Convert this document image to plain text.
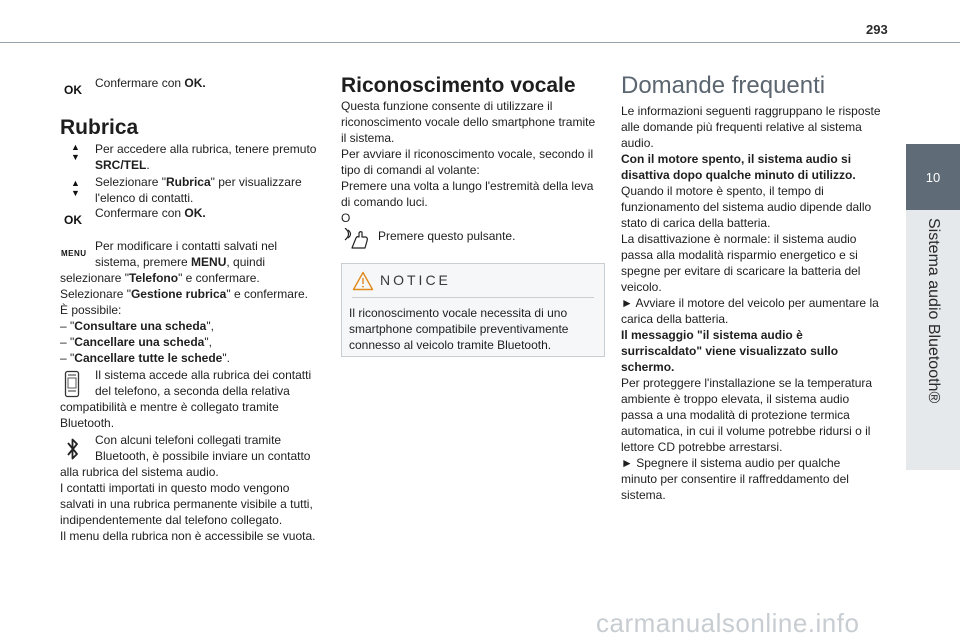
293
10
Sistema audio Bluetooth®
OK Confermare con OK.
Rubrica
▲
▼
Per accedere alla rubrica, tenere premuto
SRC/TEL.
▲
▼
Selezionare "Rubrica" per visualizzare
l'elenco di contatti.
OK Confermare con OK.
MENU
Per modificare i contatti salvati nel
sistema, premere MENU, quindi
selezionare "Telefono" e confermare.
Selezionare "Gestione rubrica" e confermare.
È possibile:
– "Consultare una scheda",
– "Cancellare una scheda",
– "Cancellare tutte le schede".
Il sistema accede alla rubrica dei contatti
del telefono, a seconda della relativa
compatibilità e mentre è collegato tramite
Bluetooth.
Con alcuni telefoni collegati tramite
Bluetooth, è possibile inviare un contatto
alla rubrica del sistema audio.
I contatti importati in questo modo vengono
salvati in una rubrica permanente visibile a tutti,
indipendentemente dal telefono collegato.
Il menu della rubrica non è accessibile se vuota.
Riconoscimento vocale
Questa funzione consente di utilizzare il
riconoscimento vocale dello smartphone tramite
il sistema.
Per avviare il riconoscimento vocale, secondo il
tipo di comandi al volante:
Premere una volta a lungo l'estremità della leva
di comando luci.
O
Premere questo pulsante.
NOTICE
Il riconoscimento vocale necessita di uno
smartphone compatibile preventivamente
connesso al veicolo tramite Bluetooth.
Domande frequenti
Le informazioni seguenti raggruppano le risposte
alle domande più frequenti relative al sistema
audio.
Con il motore spento, il sistema audio si
disattiva dopo qualche minuto di utilizzo.
Quando il motore è spento, il tempo di
funzionamento del sistema audio dipende dallo
stato di carica della batteria.
La disattivazione è normale: il sistema audio
passa alla modalità risparmio energetico e si
spegne per evitare di scaricare la batteria del
veicolo.
► Avviare il motore del veicolo per aumentare la
carica della batteria.
Il messaggio "il sistema audio è
surriscaldato" viene visualizzato sullo
schermo.
Per proteggere l'installazione se la temperatura
ambiente è troppo elevata, il sistema audio
passa a una modalità di protezione termica
automatica, in cui il volume potrebbe ridursi o il
lettore CD potrebbe arrestarsi.
► Spegnere il sistema audio per qualche
minuto per consentire il raffreddamento del
sistema.
carmanualsonline.info
